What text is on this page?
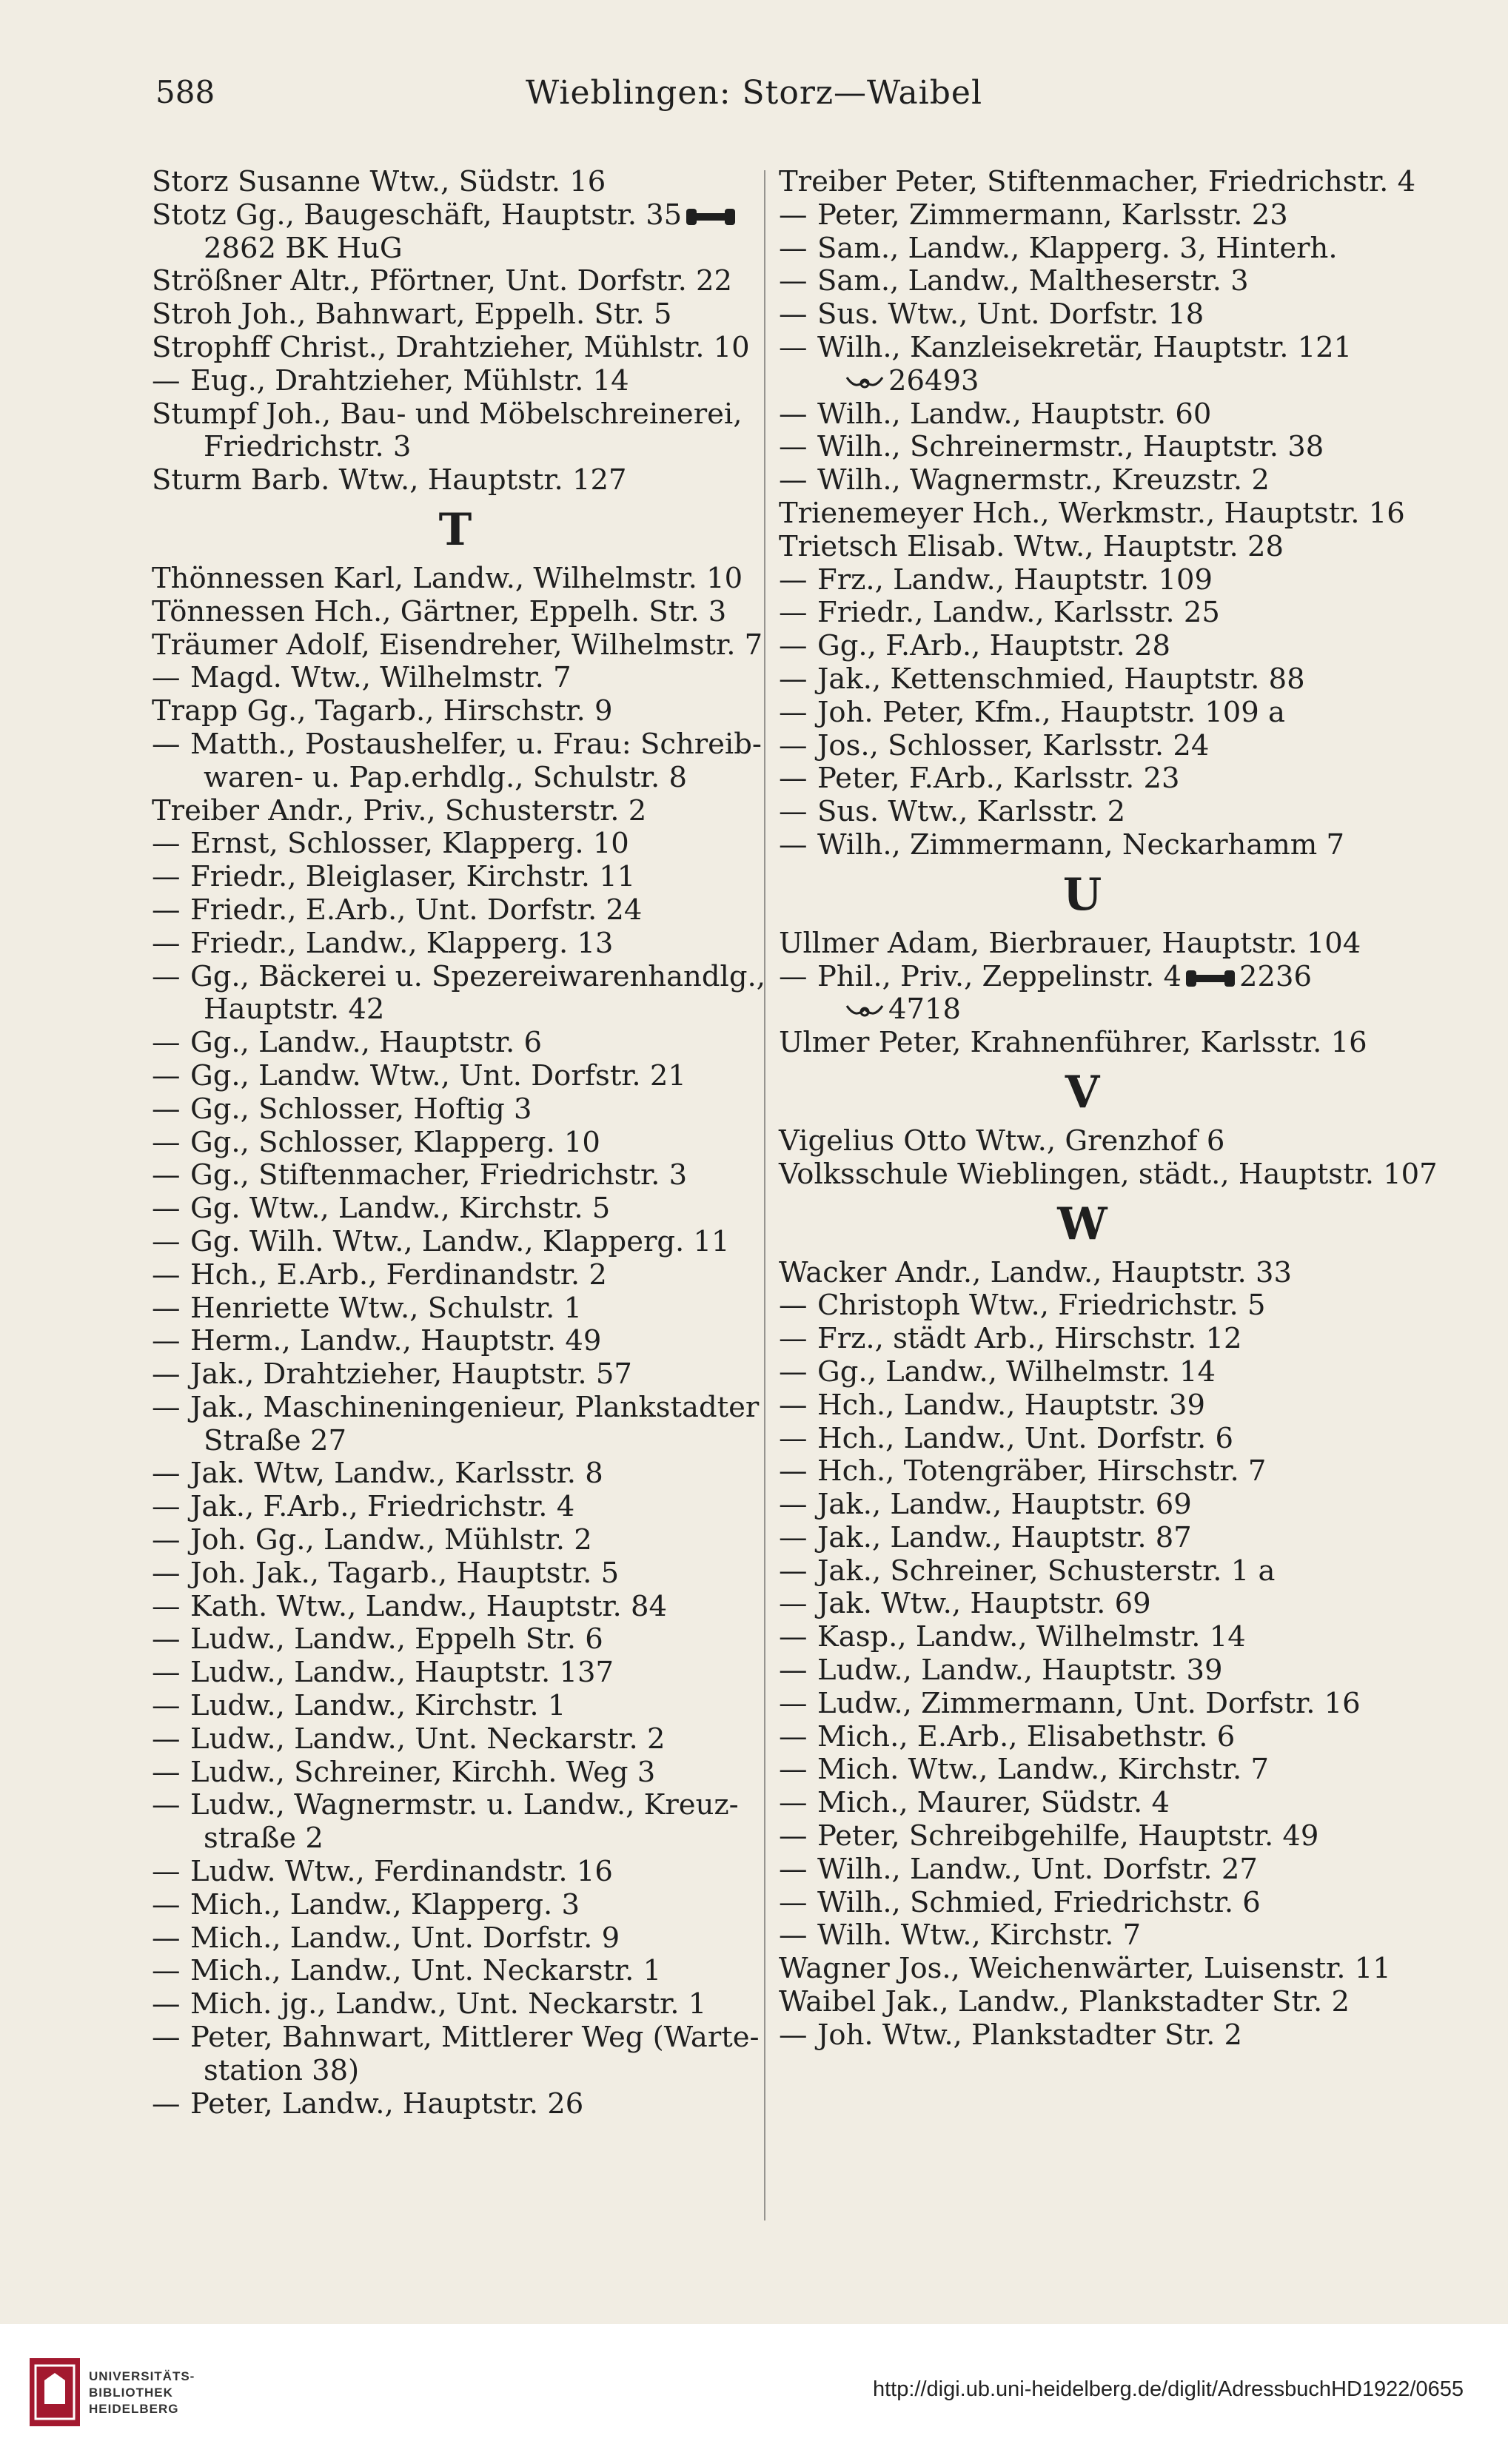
588	Wieblingen: Storz—Waibel
Storz Susanne Wtw., Südstr. 16
Stotz Gg., Baugeschäft, Hauptstr. 35
2862 BK HuG
Strößner Altr., Pförtner, Unt. Dorfstr. 22
Stroh Joh., Bahnwart, Eppelh. Str. 5
Strophff Christ., Drahtzieher, Mühlstr. 10
— Eug., Drahtzieher, Mühlstr. 14
Stumpf Joh., Bau- und Möbelschreinerei,
Friedrichstr. 3
Sturm Barb. Wtw., Hauptstr. 127
T
Thönnessen Karl, Landw., Wilhelmstr. 10
Tönnessen Hch., Gärtner, Eppelh. Str. 3
Träumer Adolf, Eisendreher, Wilhelmstr. 7
— Magd. Wtw., Wilhelmstr. 7
Trapp Gg., Tagarb., Hirschstr. 9
— Matth., Postaushelfer, u. Frau: Schreib-
waren- u. Pap.erhdlg., Schulstr. 8
Treiber Andr., Priv., Schusterstr. 2
— Ernst, Schlosser, Klapperg. 10
— Friedr., Bleiglaser, Kirchstr. 11
— Friedr., E.Arb., Unt. Dorfstr. 24
— Friedr., Landw., Klapperg. 13
— Gg., Bäckerei u. Spezereiwarenhandlg.,
Hauptstr. 42
— Gg., Landw., Hauptstr. 6
— Gg., Landw. Wtw., Unt. Dorfstr. 21
— Gg., Schlosser, Hoftig 3
— Gg., Schlosser, Klapperg. 10
— Gg., Stiftenmacher, Friedrichstr. 3
— Gg. Wtw., Landw., Kirchstr. 5
— Gg. Wilh. Wtw., Landw., Klapperg. 11
— Hch., E.Arb., Ferdinandstr. 2
— Henriette Wtw., Schulstr. 1
— Herm., Landw., Hauptstr. 49
— Jak., Drahtzieher, Hauptstr. 57
— Jak., Maschineningenieur, Plankstadter
Straße 27
— Jak. Wtw, Landw., Karlsstr. 8
— Jak., F.Arb., Friedrichstr. 4
— Joh. Gg., Landw., Mühlstr. 2
— Joh. Jak., Tagarb., Hauptstr. 5
— Kath. Wtw., Landw., Hauptstr. 84
— Ludw., Landw., Eppelh Str. 6
— Ludw., Landw., Hauptstr. 137
— Ludw., Landw., Kirchstr. 1
— Ludw., Landw., Unt. Neckarstr. 2
— Ludw., Schreiner, Kirchh. Weg 3
— Ludw., Wagnermstr. u. Landw., Kreuz-
straße 2
— Ludw. Wtw., Ferdinandstr. 16
— Mich., Landw., Klapperg. 3
— Mich., Landw., Unt. Dorfstr. 9
— Mich., Landw., Unt. Neckarstr. 1
— Mich. jg., Landw., Unt. Neckarstr. 1
— Peter, Bahnwart, Mittlerer Weg (Warte-
station 38)
— Peter, Landw., Hauptstr. 26
Treiber Peter, Stiftenmacher, Friedrichstr. 4
— Peter, Zimmermann, Karlsstr. 23
— Sam., Landw., Klapperg. 3, Hinterh.
— Sam., Landw., Maltheserstr. 3
— Sus. Wtw., Unt. Dorfstr. 18
— Wilh., Kanzleisekretär, Hauptstr. 121
26493
— Wilh., Landw., Hauptstr. 60
— Wilh., Schreinermstr., Hauptstr. 38
— Wilh., Wagnermstr., Kreuzstr. 2
Trienemeyer Hch., Werkmstr., Hauptstr. 16
Trietsch Elisab. Wtw., Hauptstr. 28
— Frz., Landw., Hauptstr. 109
— Friedr., Landw., Karlsstr. 25
— Gg., F.Arb., Hauptstr. 28
— Jak., Kettenschmied, Hauptstr. 88
— Joh. Peter, Kfm., Hauptstr. 109 a
— Jos., Schlosser, Karlsstr. 24
— Peter, F.Arb., Karlsstr. 23
— Sus. Wtw., Karlsstr. 2
— Wilh., Zimmermann, Neckarhamm 7
U
Ullmer Adam, Bierbrauer, Hauptstr. 104
— Phil., Priv., Zeppelinstr. 4 2236
4718
Ulmer Peter, Krahnenführer, Karlsstr. 16
V
Vigelius Otto Wtw., Grenzhof 6
Volksschule Wieblingen, städt., Hauptstr. 107
W
Wacker Andr., Landw., Hauptstr. 33
— Christoph Wtw., Friedrichstr. 5
— Frz., städt Arb., Hirschstr. 12
— Gg., Landw., Wilhelmstr. 14
— Hch., Landw., Hauptstr. 39
— Hch., Landw., Unt. Dorfstr. 6
— Hch., Totengräber, Hirschstr. 7
— Jak., Landw., Hauptstr. 69
— Jak., Landw., Hauptstr. 87
— Jak., Schreiner, Schusterstr. 1 a
— Jak. Wtw., Hauptstr. 69
— Kasp., Landw., Wilhelmstr. 14
— Ludw., Landw., Hauptstr. 39
— Ludw., Zimmermann, Unt. Dorfstr. 16
— Mich., E.Arb., Elisabethstr. 6
— Mich. Wtw., Landw., Kirchstr. 7
— Mich., Maurer, Südstr. 4
— Peter, Schreibgehilfe, Hauptstr. 49
— Wilh., Landw., Unt. Dorfstr. 27
— Wilh., Schmied, Friedrichstr. 6
— Wilh. Wtw., Kirchstr. 7
Wagner Jos., Weichenwärter, Luisenstr. 11
Waibel Jak., Landw., Plankstadter Str. 2
— Joh. Wtw., Plankstadter Str. 2
UNIVERSITÄTS-
BIBLIOTHEK
HEIDELBERG
http://digi.ub.uni-heidelberg.de/diglit/AdressbuchHD1922/0655
